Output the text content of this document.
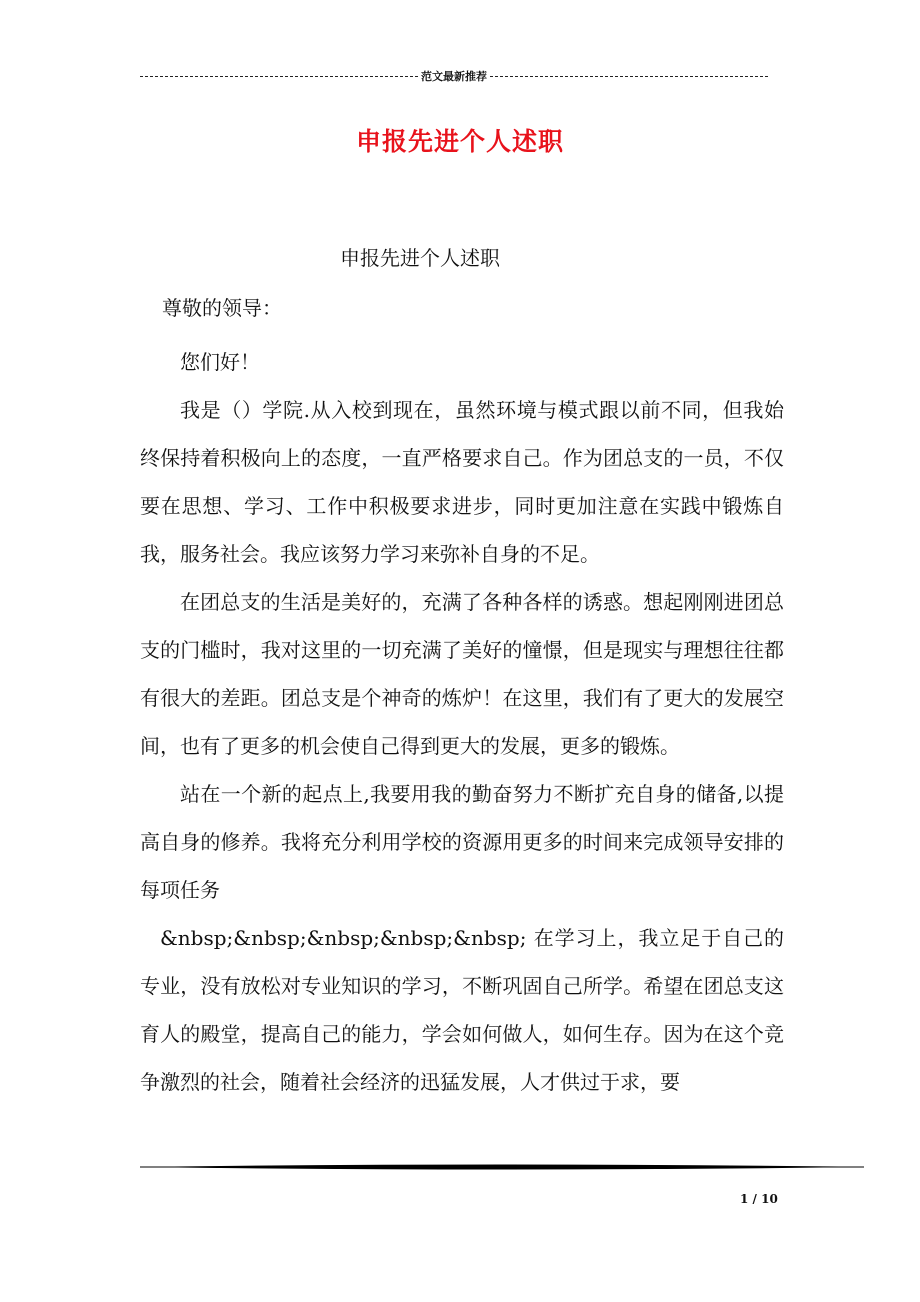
范文最新推荐
申报先进个人述职
申报先进个人述职
尊敬的领导：

您们好！

我是（）学院.从入校到现在，虽然环境与模式跟以前不同，但我始终保持着积极向上的态度，一直严格要求自己。作为团总支的一员，不仅要在思想、学习、工作中积极要求进步，同时更加注意在实践中锻炼自我，服务社会。我应该努力学习来弥补自身的不足。

在团总支的生活是美好的，充满了各种各样的诱惑。想起刚刚进团总支的门槛时，我对这里的一切充满了美好的憧憬，但是现实与理想往往都有很大的差距。团总支是个神奇的炼炉！在这里，我们有了更大的发展空间，也有了更多的机会使自己得到更大的发展，更多的锻炼。

站在一个新的起点上,我要用我的勤奋努力不断扩充自身的储备,以提高自身的修养。我将充分利用学校的资源用更多的时间来完成领导安排的每项任务

&nbsp;&nbsp;&nbsp;&nbsp;&nbsp; 在学习上，我立足于自己的专业，没有放松对专业知识的学习，不断巩固自己所学。希望在团总支这育人的殿堂，提高自己的能力，学会如何做人，如何生存。因为在这个竞争激烈的社会，随着社会经济的迅猛发展，人才供过于求，要

1 / 10
